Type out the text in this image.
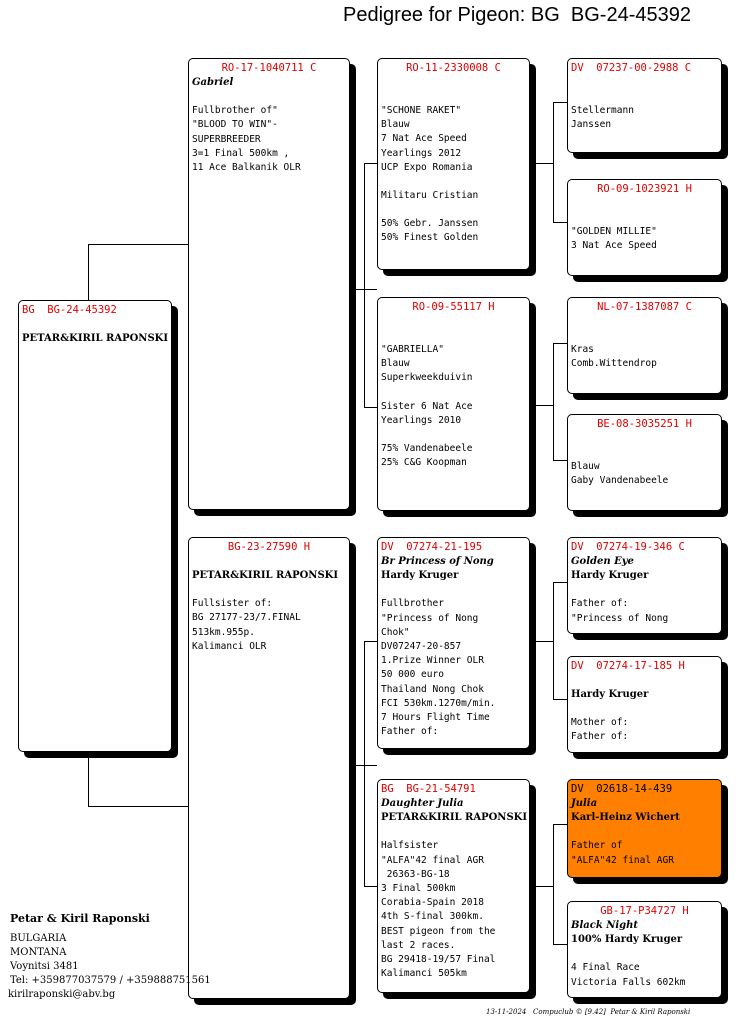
Pedigree for Pigeon: BG  BG-24-45392
BG  BG-24-45392
PETAR&KIRIL RAPONSKI
RO-17-1040711 C
Gabriel
Fullbrother of"
"BLOOD TO WIN"-
SUPERBREEDER
3=1 Final 500km ,
11 Ace Balkanik OLR
BG-23-27590 H
PETAR&KIRIL RAPONSKI
Fullsister of:
BG 27177-23/7.FINAL
513km.955p.
Kalimanci OLR
RO-11-2330008 C
"SCHONE RAKET"
Blauw
7 Nat Ace Speed
Yearlings 2012
UCP Expo Romania
Militaru Cristian
50% Gebr. Janssen
50% Finest Golden
RO-09-55117 H
"GABRIELLA"
Blauw
Superkweekduivin
Sister 6 Nat Ace
Yearlings 2010
75% Vandenabeele
25% C&G Koopman
DV  07274-21-195
Br Princess of Nong
Hardy Kruger
Fullbrother
"Princess of Nong
Chok"
DV07247-20-857
1.Prize Winner OLR
50 000 euro
Thailand Nong Chok
FCI 530km.1270m/min.
7 Hours Flight Time
Father of:
BG  BG-21-54791
Daughter Julia
PETAR&KIRIL RAPONSKI
Halfsister
"ALFA"42 final AGR
26363-BG-18
3 Final 500km
Corabia-Spain 2018
4th S-final 300km.
BEST pigeon from the
last 2 races.
BG 29418-19/57 Final
Kalimanci 505km
DV  07237-00-2988 C
Stellermann
Janssen
RO-09-1023921 H
"GOLDEN MILLIE"
3 Nat Ace Speed
NL-07-1387087 C
Kras
Comb.Wittendrop
BE-08-3035251 H
Blauw
Gaby Vandenabeele
DV  07274-19-346 C
Golden Eye
Hardy Kruger
Father of:
"Princess of Nong
DV  07274-17-185 H
Hardy Kruger
Mother of:
Father of:
DV  02618-14-439
Julia
Karl-Heinz Wichert
Father of
"ALFA"42 final AGR
GB-17-P34727 H
Black Night
100% Hardy Kruger
4 Final Race
Victoria Falls 602km
Petar & Kiril Raponski
BULGARIA
MONTANA
Voynitsi 3481
Tel: +359877037579 / +359888751561
kirilraponski@abv.bg
13-11-2024   Compuclub © [9.42]  Petar & Kiril Raponski
